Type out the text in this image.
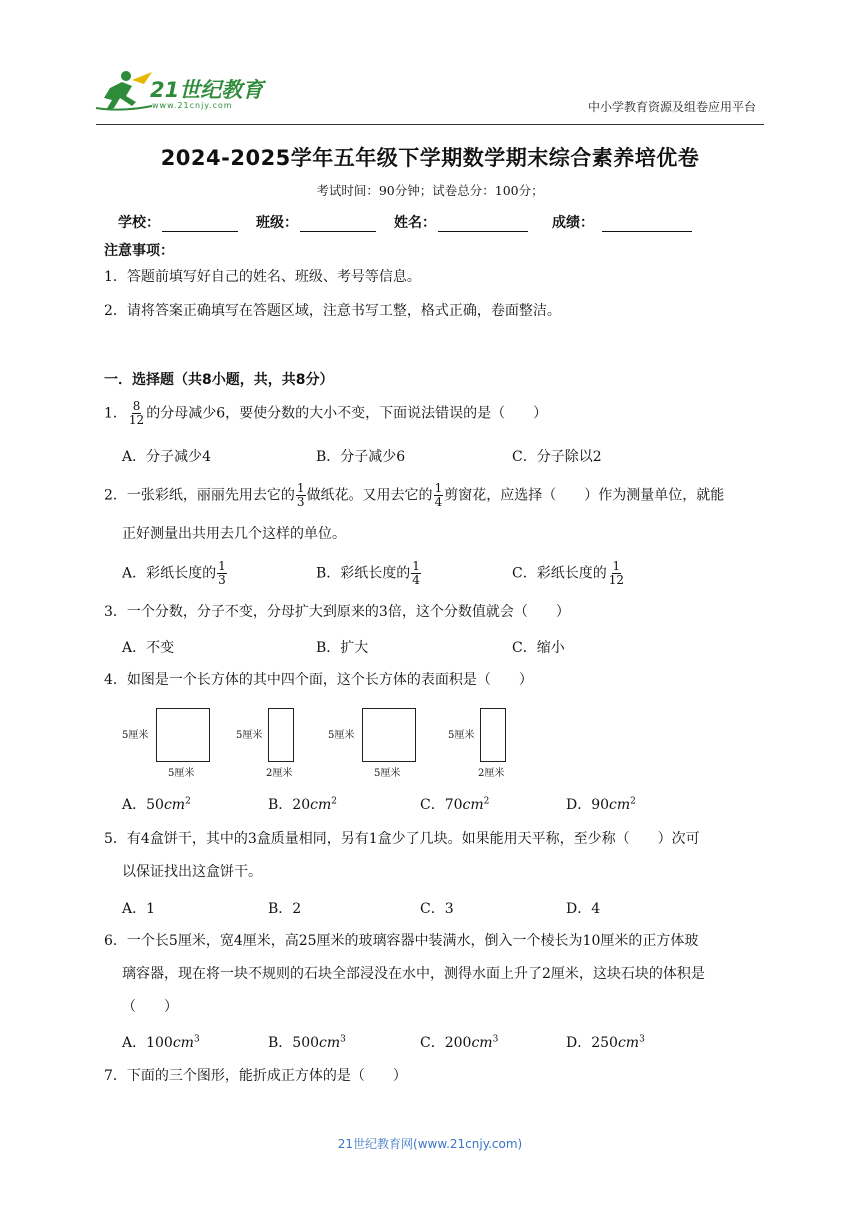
21世纪教育
www.21cnjy.com	中小学教育资源及组卷应用平台
2024-2025学年五年级下学期数学期末综合素养培优卷
考试时间：90分钟；试卷总分：100分；
学校：	班级：	姓名：	成绩：
注意事项：
1．答题前填写好自己的姓名、班级、考号等信息。
2．请将答案正确填写在答题区域，注意书写工整，格式正确，卷面整洁。
一．选择题（共8小题，共，共8分）
1． $\frac{8}{12}$ 的分母减少6，要使分数的大小不变，下面说法错误的是（　　）
A．分子减少4	B．分子减少6	C．分子除以2
2．一张彩纸，丽丽先用去它的 $\frac{1}{3}$ 做纸花。又用去它的 $\frac{1}{4}$ 剪窗花，应选择（　　）作为测量单位，就能
正好测量出共用去几个这样的单位。
A．彩纸长度的 $\frac{1}{3}$	B．彩纸长度的 $\frac{1}{4}$	C．彩纸长度的 $\frac{1}{12}$
3．一个分数，分子不变，分母扩大到原来的3倍，这个分数值就会（　　）
A．不变	B．扩大	C．缩小
4．如图是一个长方体的其中四个面，这个长方体的表面积是（　　）
5厘米
5厘米
5厘米
2厘米
5厘米
5厘米
5厘米
2厘米
A．$50cm^2$	B．$20cm^2$	C．$70cm^2$	D．$90cm^2$
5．有4盒饼干，其中的3盒质量相同，另有1盒少了几块。如果能用天平称，至少称（　　）次可
以保证找出这盒饼干。
A．1	B．2	C．3	D．4
6．一个长5厘米，宽4厘米，高25厘米的玻璃容器中装满水，倒入一个棱长为10厘米的正方体玻
璃容器，现在将一块不规则的石块全部浸没在水中，测得水面上升了2厘米，这块石块的体积是
（　　）
A．$100cm^3$	B．$500cm^3$	C．$200cm^3$	D．$250cm^3$
7．下面的三个图形，能折成正方体的是（　　）
21世纪教育网(www.21cnjy.com)
